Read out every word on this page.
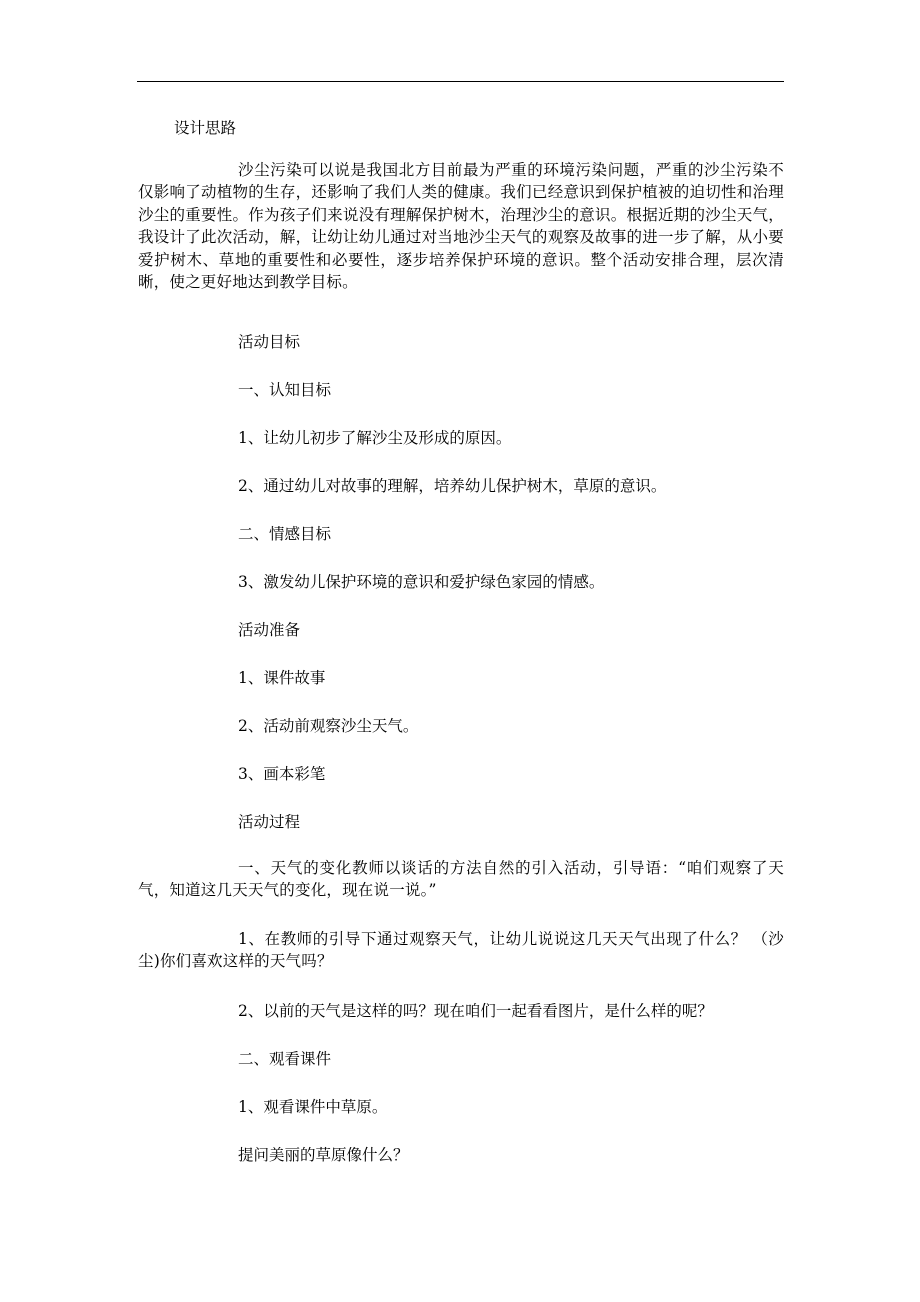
设计思路
沙尘污染可以说是我国北方目前最为严重的环境污染问题，严重的沙尘污染不仅影响了动植物的生存，还影响了我们人类的健康。我们已经意识到保护植被的迫切性和治理沙尘的重要性。作为孩子们来说没有理解保护树木，治理沙尘的意识。根据近期的沙尘天气，我设计了此次活动，解，让幼让幼儿通过对当地沙尘天气的观察及故事的进一步了解，从小要爱护树木、草地的重要性和必要性，逐步培养保护环境的意识。整个活动安排合理，层次清晰，使之更好地达到教学目标。
活动目标
一、认知目标
1、让幼儿初步了解沙尘及形成的原因。
2、通过幼儿对故事的理解，培养幼儿保护树木，草原的意识。
二、情感目标
3、激发幼儿保护环境的意识和爱护绿色家园的情感。
活动准备
1、课件故事
2、活动前观察沙尘天气。
3、画本彩笔
活动过程
一、天气的变化教师以谈话的方法自然的引入活动，引导语：“咱们观察了天气，知道这几天天气的变化，现在说一说。”
1、在教师的引导下通过观察天气，让幼儿说说这几天天气出现了什么？ （沙尘)你们喜欢这样的天气吗？
2、以前的天气是这样的吗？现在咱们一起看看图片，是什么样的呢？
二、观看课件
1、观看课件中草原。
提问美丽的草原像什么？
